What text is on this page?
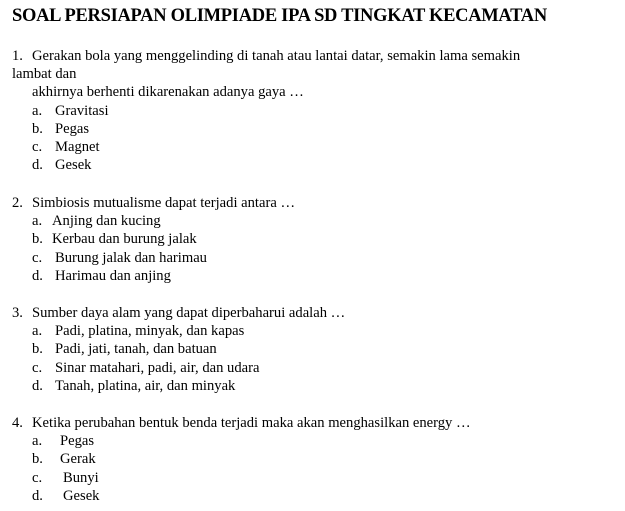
SOAL PERSIAPAN OLIMPIADE IPA SD TINGKAT KECAMATAN
1. Gerakan bola yang menggelinding di tanah atau lantai datar, semakin lama semakin
lambat dan
akhirnya berhenti dikarenakan adanya gaya …
a. Gravitasi
b. Pegas
c. Magnet
d. Gesek
2. Simbiosis mutualisme dapat terjadi antara …
a. Anjing dan kucing
b. Kerbau dan burung jalak
c. Burung jalak dan harimau
d. Harimau dan anjing
3. Sumber daya alam yang dapat diperbaharui adalah …
a. Padi, platina, minyak, dan kapas
b. Padi, jati, tanah, dan batuan
c. Sinar matahari, padi, air, dan udara
d. Tanah, platina, air, dan minyak
4. Ketika perubahan bentuk benda terjadi maka akan menghasilkan energy …
a. Pegas
b. Gerak
c. Bunyi
d. Gesek
